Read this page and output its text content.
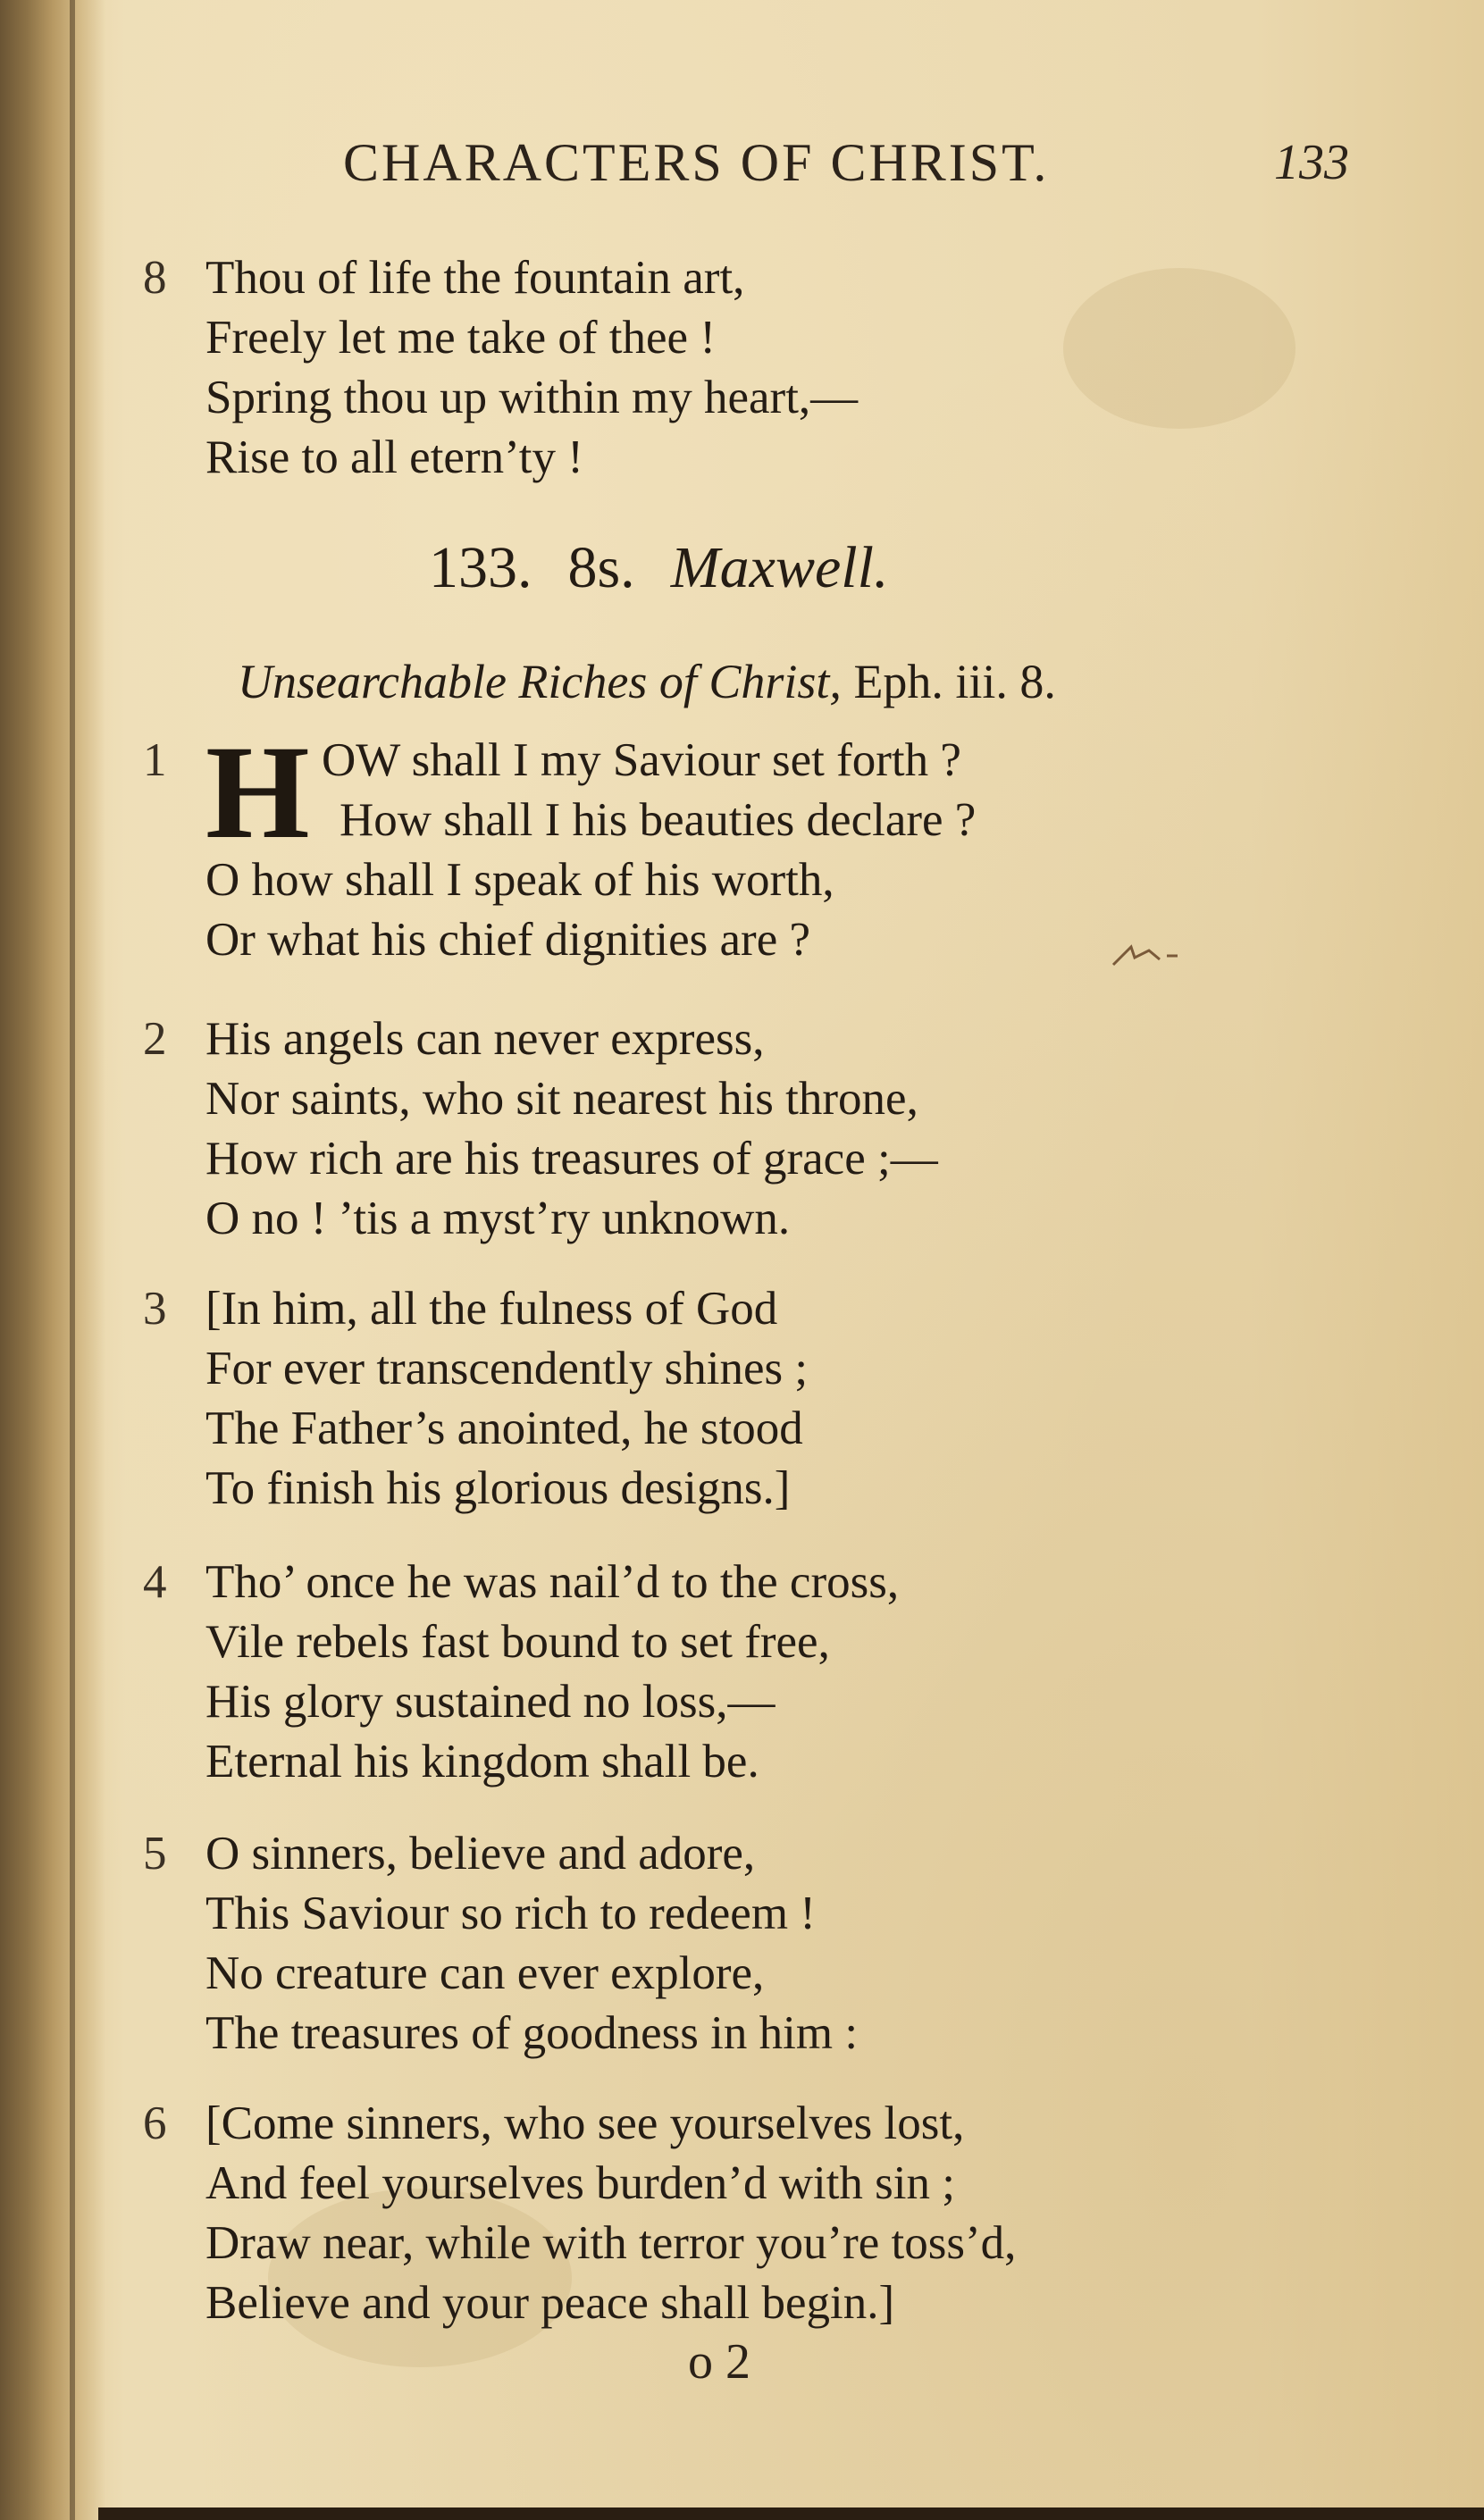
CHARACTERS OF CHRIST.	133
8 Thou of life the fountain art,
Freely let me take of thee !
Spring thou up within my heart,—
Rise to all etern’ty !
133. 8s. Maxwell.
Unsearchable Riches of Christ, Eph. iii. 8.
1 H OW shall I my Saviour set forth ?
How shall I his beauties declare ?
O how shall I speak of his worth,
Or what his chief dignities are ?
2 His angels can never express,
Nor saints, who sit nearest his throne,
How rich are his treasures of grace ;—
O no ! ’tis a myst’ry unknown.
3 [In him, all the fulness of God
For ever transcendently shines ;
The Father’s anointed, he stood
To finish his glorious designs.]
4 Tho’ once he was nail’d to the cross,
Vile rebels fast bound to set free,
His glory sustained no loss,—
Eternal his kingdom shall be.
5 O sinners, believe and adore,
This Saviour so rich to redeem !
No creature can ever explore,
The treasures of goodness in him :
6 [Come sinners, who see yourselves lost,
And feel yourselves burden’d with sin ;
Draw near, while with terror you’re toss’d,
Believe and your peace shall begin.]
o 2
